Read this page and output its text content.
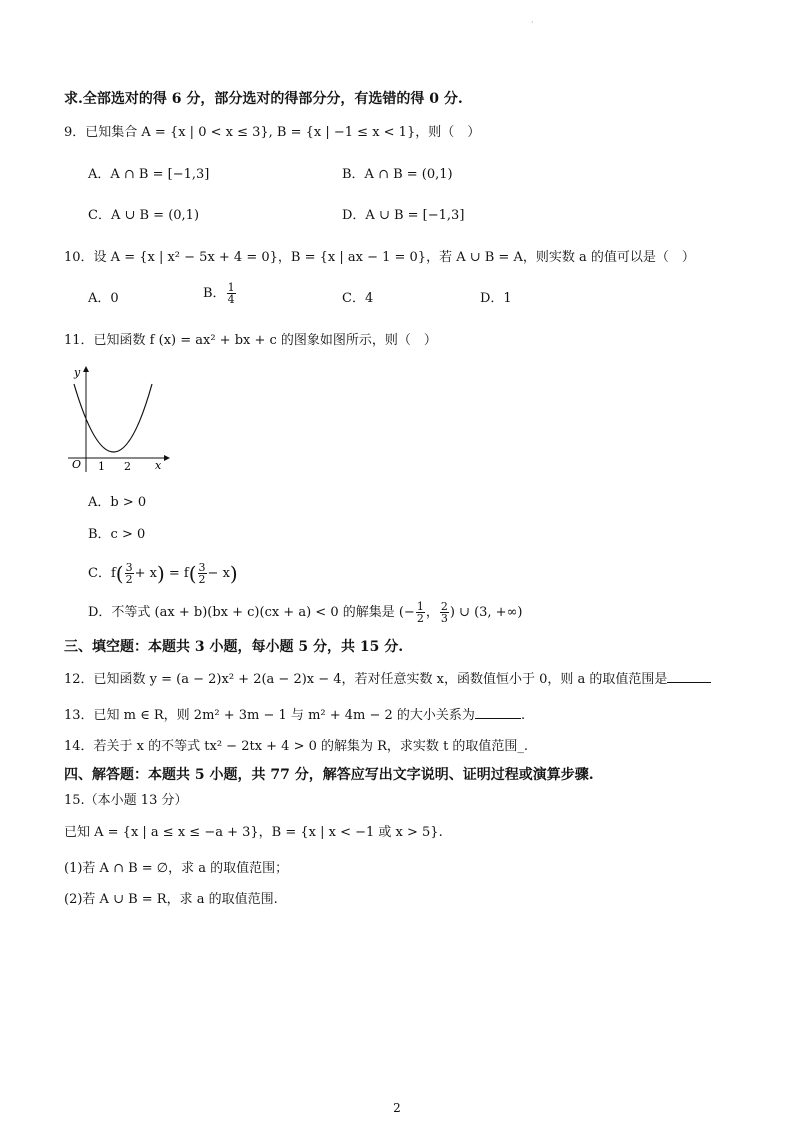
·
求.全部选对的得 6 分，部分选对的得部分分，有选错的得 0 分.
9．已知集合 A = {x | 0 < x ≤ 3}, B = {x | −1 ≤ x < 1}，则（　）
A．A ∩ B = [−1,3]	B．A ∩ B = (0,1)
C．A ∪ B = (0,1)	D．A ∪ B = [−1,3]
10．设 A = {x | x² − 5x + 4 = 0}，B = {x | ax − 1 = 0}，若 A ∪ B = A，则实数 a 的值可以是（　）
A．0	B． $\frac{1}{4}$	C．4	D．1
11．已知函数 f (x) = ax² + bx + c 的图象如图所示，则（　）
y
x
O 1 2
A．b > 0
B．c > 0
C．$f( \frac{3}{2} + x) = f( \frac{3}{2} - x)$
D．不等式 (ax + b)(bx + c)(cx + a) < 0 的解集是 (− $\frac{1}{2}$ ， $\frac{2}{3}$ ) ∪ (3, +∞)
三、填空题：本题共 3 小题，每小题 5 分，共 15 分.
12．已知函数 y = (a − 2)x² + 2(a − 2)x − 4，若对任意实数 x，函数值恒小于 0，则 a 的取值范围是
13．已知 m ∈ R，则 2m² + 3m − 1 与 m² + 4m − 2 的大小关系为	.
14．若关于 x 的不等式 tx² − 2tx + 4 > 0 的解集为 R，求实数 t 的取值范围_.
四、解答题：本题共 5 小题，共 77 分，解答应写出文字说明、证明过程或演算步骤.
15.（本小题 13 分）
已知 A = {x | a ≤ x ≤ −a + 3}，B = {x | x < −1 或 x > 5}.
(1)若 A ∩ B = ∅，求 a 的取值范围；
(2)若 A ∪ B = R，求 a 的取值范围.
2
